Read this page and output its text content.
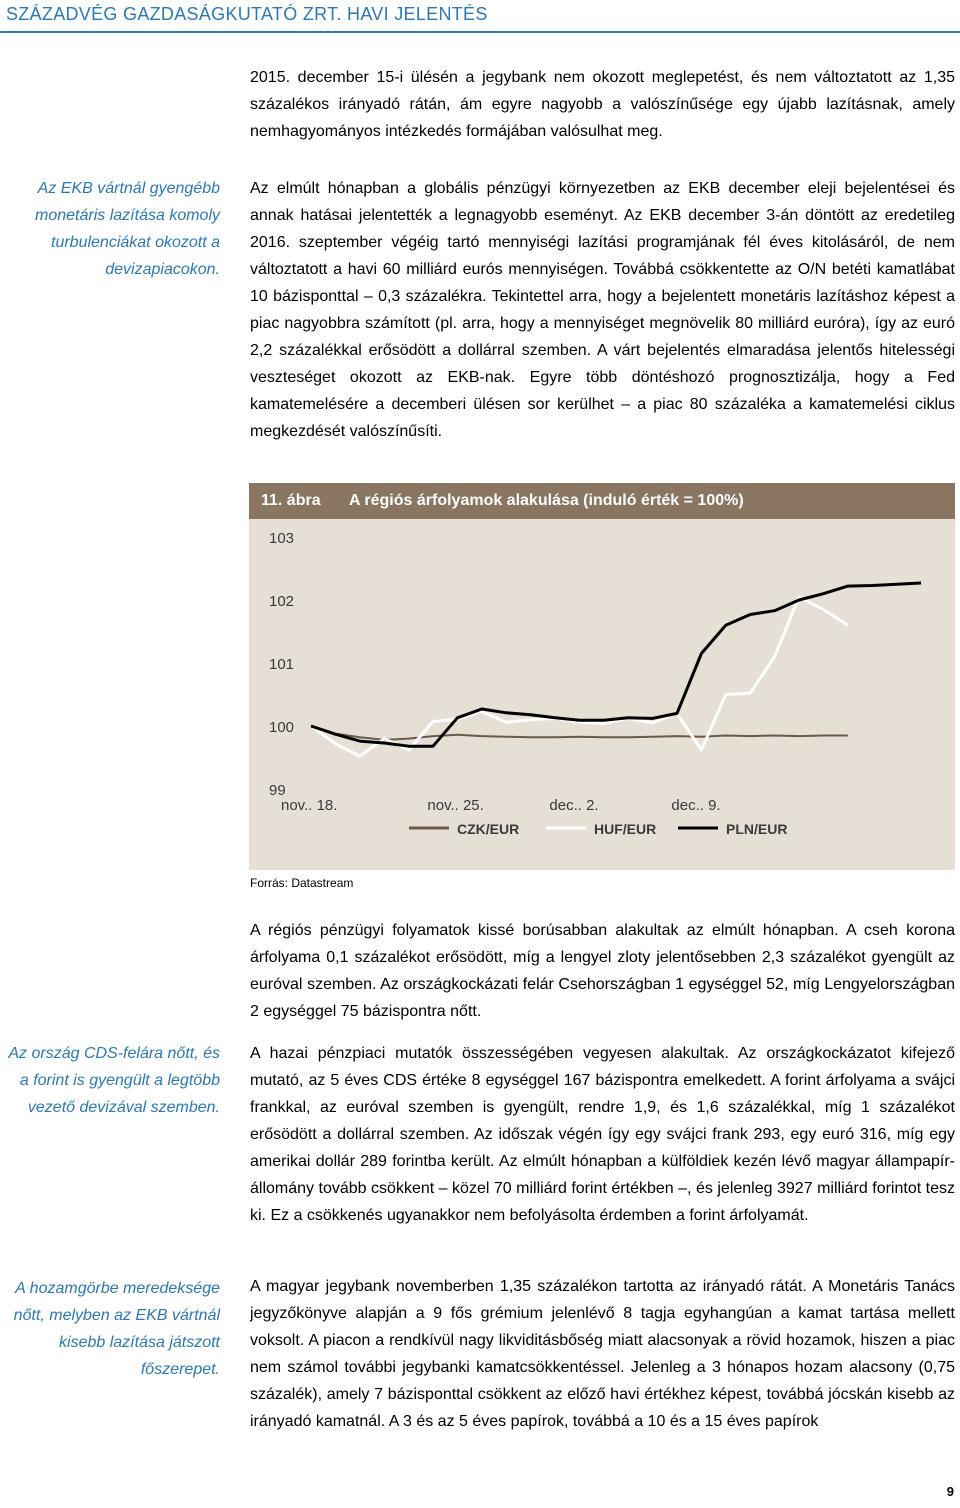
SZÁZADVÉG GAZDASÁGKUTATÓ ZRT. HAVI JELENTÉS

2015. december 15-i ülésén a jegybank nem okozott meglepetést, és nem változtatott az 1,35 százalékos irányadó rátán, ám egyre nagyobb a valószínűsége egy újabb lazításnak, amely nemhagyományos intézkedés formájában valósulhat meg.

Az EKB vártnál gyengébb monetáris lazítása komoly turbulenciákat okozott a devizapiacokon.

Az elmúlt hónapban a globális pénzügyi környezetben az EKB december eleji bejelentései és annak hatásai jelentették a legnagyobb eseményt. Az EKB december 3-án döntött az eredetileg 2016. szeptember végéig tartó mennyiségi lazítási programjának fél éves kitolásáról, de nem változtatott a havi 60 milliárd eurós mennyiségen. Továbbá csökkentette az O/N betéti kamatlábat 10 bázisponttal – 0,3 százalékra. Tekintettel arra, hogy a bejelentett monetáris lazításhoz képest a piac nagyobbra számított (pl. arra, hogy a mennyiséget megnövelik 80 milliárd euróra), így az euró 2,2 százalékkal erősödött a dollárral szemben. A várt bejelentés elmaradása jelentős hitelességi veszteséget okozott az EKB-nak. Egyre több döntéshozó prognosztizálja, hogy a Fed kamatemelésére a decemberi ülésen sor kerülhet – a piac 80 százaléka a kamatemelési ciklus megkezdését valószínűsíti.

11. ábra A régiós árfolyamok alakulása (induló érték = 100%)
103
102
101
100
99
nov.. 18.	nov.. 25.	dec.. 2.	dec.. 9.
CZK/EUR	HUF/EUR	PLN/EUR
Forrás: Datastream

A régiós pénzügyi folyamatok kissé borúsabban alakultak az elmúlt hónapban. A cseh korona árfolyama 0,1 százalékot erősödött, míg a lengyel zloty jelentősebben 2,3 százalékot gyengült az euróval szemben. Az országkockázati felár Csehországban 1 egységgel 52, míg Lengyelországban 2 egységgel 75 bázispontra nőtt.

Az ország CDS-felára nőtt, és a forint is gyengült a legtöbb vezető devizával szemben.

A hazai pénzpiaci mutatók összességében vegyesen alakultak. Az országkockázatot kifejező mutató, az 5 éves CDS értéke 8 egységgel 167 bázispontra emelkedett. A forint árfolyama a svájci frankkal, az euróval szemben is gyengült, rendre 1,9, és 1,6 százalékkal, míg 1 százalékot erősödött a dollárral szemben. Az időszak végén így egy svájci frank 293, egy euró 316, míg egy amerikai dollár 289 forintba került. Az elmúlt hónapban a külföldiek kezén lévő magyar állampapír-állomány tovább csökkent – közel 70 milliárd forint értékben –, és jelenleg 3927 milliárd forintot tesz ki. Ez a csökkenés ugyanakkor nem befolyásolta érdemben a forint árfolyamát.

A hozamgörbe meredeksége nőtt, melyben az EKB vártnál kisebb lazítása játszott főszerepet.

A magyar jegybank novemberben 1,35 százalékon tartotta az irányadó rátát. A Monetáris Tanács jegyzőkönyve alapján a 9 fős grémium jelenlévő 8 tagja egyhangúan a kamat tartása mellett voksolt. A piacon a rendkívül nagy likviditásbőség miatt alacsonyak a rövid hozamok, hiszen a piac nem számol további jegybanki kamatcsökkentéssel. Jelenleg a 3 hónapos hozam alacsony (0,75 százalék), amely 7 bázisponttal csökkent az előző havi értékhez képest, továbbá jócskán kisebb az irányadó kamatnál. A 3 és az 5 éves papírok, továbbá a 10 és a 15 éves papírok

9
